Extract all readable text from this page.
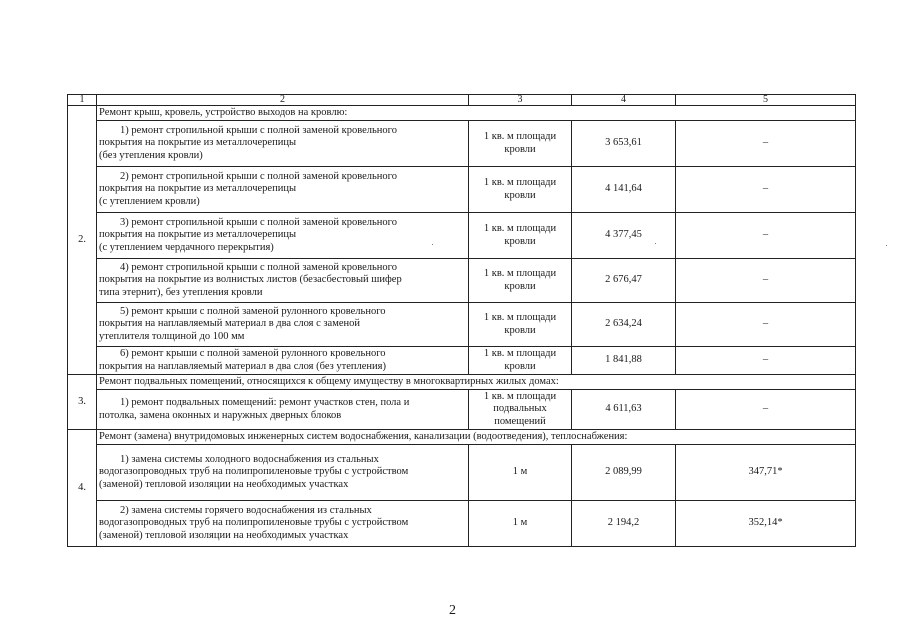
1	2	3	4	5
2.	Ремонт крыш, кровель, устройство выходов на кровлю:			

	1) ремонт стропильной крыши с полной заменой кровельного
покрытия на покрытие из металлочерепицы
(без утепления кровли)	1 кв. м площади
кровли	3 653,61	–

	2) ремонт стропильной крыши с полной заменой кровельного
покрытия на покрытие из металлочерепицы
(с утеплением кровли)	1 кв. м площади
кровли	4 141,64	–

	3) ремонт стропильной крыши с полной заменой кровельного
покрытия на покрытие из металлочерепицы
(с утеплением чердачного перекрытия)	1 кв. м площади
кровли	4 377,45	–

	4) ремонт стропильной крыши с полной заменой кровельного
покрытия на покрытие из волнистых листов (безасбестовый шифер
типа этернит), без утепления кровли	1 кв. м площади
кровли	2 676,47	–

	5) ремонт крыши с полной заменой рулонного кровельного
покрытия на наплавляемый материал в два слоя с заменой
утеплителя толщиной до 100 мм	1 кв. м площади
кровли	2 634,24	–

	6) ремонт крыши с полной заменой рулонного кровельного
покрытия на наплавляемый материал в два слоя (без утепления)	1 кв. м площади
кровли	1 841,88	–
3.	Ремонт подвальных помещений, относящихся к общему имуществу в многоквартирных жилых домах:			

	1) ремонт подвальных помещений: ремонт участков стен, пола и
потолка, замена оконных и наружных дверных блоков	1 кв. м площади
подвальных
помещений	4 611,63	–
4.	Ремонт (замена) внутридомовых инженерных систем водоснабжения, канализации (водоотведения), теплоснабжения:			

	1) замена системы холодного водоснабжения из стальных
водогазопроводных труб на полипропиленовые трубы с устройством
(заменой) тепловой изоляции на необходимых участках	1 м	2 089,99	347,71*

	2) замена системы горячего водоснабжения из стальных
водогазопроводных труб на полипропиленовые трубы с устройством
(заменой) тепловой изоляции на необходимых участках	1 м	2 194,2	352,14*
2
